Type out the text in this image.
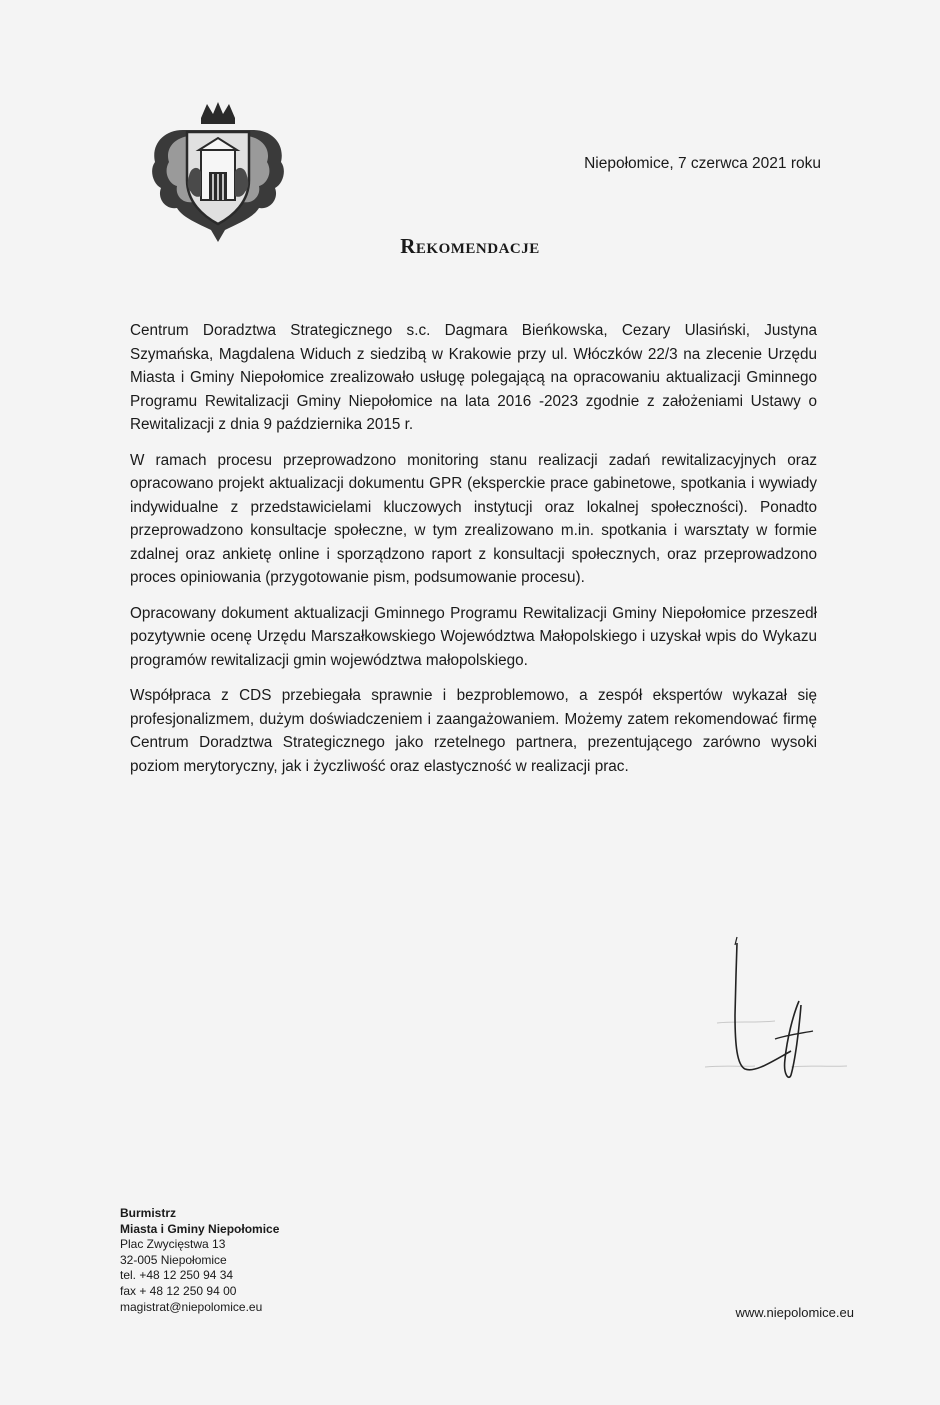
Niepołomice, 7 czerwca 2021 roku
Rekomendacje

Centrum Doradztwa Strategicznego s.c. Dagmara Bieńkowska, Cezary Ulasiński, Justyna Szymańska, Magdalena Widuch z siedzibą w Krakowie przy ul. Włóczków 22/3 na zlecenie Urzędu Miasta i Gminy Niepołomice zrealizowało usługę polegającą na opracowaniu aktualizacji Gminnego Programu Rewitalizacji Gminy Niepołomice na lata 2016 -2023 zgodnie z założeniami Ustawy o Rewitalizacji z dnia 9 października 2015 r.

W ramach procesu przeprowadzono monitoring stanu realizacji zadań rewitalizacyjnych oraz opracowano projekt aktualizacji dokumentu GPR (eksperckie prace gabinetowe, spotkania i wywiady indywidualne z przedstawicielami kluczowych instytucji oraz lokalnej społeczności). Ponadto przeprowadzono konsultacje społeczne, w tym zrealizowano m.in. spotkania i warsztaty w formie zdalnej oraz ankietę online i sporządzono raport z konsultacji społecznych, oraz przeprowadzono proces opiniowania (przygotowanie pism, podsumowanie procesu).

Opracowany dokument aktualizacji Gminnego Programu Rewitalizacji Gminy Niepołomice przeszedł pozytywnie ocenę Urzędu Marszałkowskiego Województwa Małopolskiego i uzyskał wpis do Wykazu programów rewitalizacji gmin województwa małopolskiego.

Współpraca z CDS przebiegała sprawnie i bezproblemowo, a zespół ekspertów wykazał się profesjonalizmem, dużym doświadczeniem i zaangażowaniem. Możemy zatem rekomendować firmę Centrum Doradztwa Strategicznego jako rzetelnego partnera, prezentującego zarówno wysoki poziom merytoryczny, jak i życzliwość oraz elastyczność w realizacji prac.

Burmistrz
Miasta i Gminy Niepołomice
Plac Zwycięstwa 13
32-005 Niepołomice
tel. +48 12 250 94 34
fax + 48 12 250 94 00
magistrat@niepolomice.eu	www.niepolomice.eu
